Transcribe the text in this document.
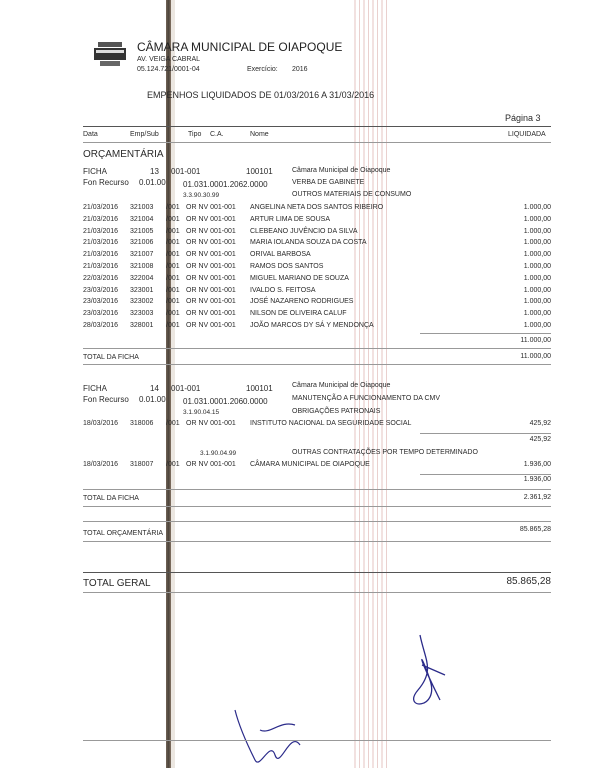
CÂMARA MUNICIPAL DE OIAPOQUE
AV. VEIGA CABRAL
05.124.721/0001-04	Exercício: 2016
EMPENHOS LIQUIDADOS DE 01/03/2016 A 31/03/2016
Página 3
Data	Emp/Sub	Tipo C.A.	Nome	LIQUIDADA
ORÇAMENTÁRIA
FICHA	13 001-001	100101	Câmara Municipal de Oiapoque
Fon Recurso 0.01.00 01.031.0001.2062.0000	VERBA DE GABINETE
3.3.90.30.99	OUTROS MATERIAIS DE CONSUMO
21/03/2016 321003 /001 OR NV 001-001 ANGELINA NETA DOS SANTOS RIBEIRO	1.000,00
21/03/2016 321004 /001 OR NV 001-001 ARTUR LIMA DE SOUSA	1.000,00
21/03/2016 321005 /001 OR NV 001-001 CLEBEANO JUVÊNCIO DA SILVA	1.000,00
21/03/2016 321006 /001 OR NV 001-001 MARIA IOLANDA SOUZA DA COSTA	1.000,00
21/03/2016 321007 /001 OR NV 001-001 ORIVAL BARBOSA	1.000,00
21/03/2016 321008 /001 OR NV 001-001 RAMOS DOS SANTOS	1.000,00
22/03/2016 322004 /001 OR NV 001-001 MIGUEL MARIANO DE SOUZA	1.000,00
23/03/2016 323001 /001 OR NV 001-001 IVALDO S. FEITOSA	1.000,00
23/03/2016 323002 /001 OR NV 001-001 JOSÉ NAZARENO RODRIGUES	1.000,00
23/03/2016 323003 /001 OR NV 001-001 NILSON DE OLIVEIRA CALUF	1.000,00
28/03/2016 328001 /001 OR NV 001-001 JOÃO MARCOS DY SÁ Y MENDONÇA	1.000,00
11.000,00
TOTAL DA FICHA	11.000,00
FICHA	14 001-001	100101	Câmara Municipal de Oiapoque
Fon Recurso 0.01.00 01.031.0001.2060.0000	MANUTENÇÃO A FUNCIONAMENTO DA CMV
3.1.90.04.15	OBRIGAÇÕES PATRONAIS
18/03/2016 318006 /001 OR NV 001-001 INSTITUTO NACIONAL DA SEGURIDADE SOCIAL	425,92
425,92
3.1.90.04.99	OUTRAS CONTRATAÇÕES POR TEMPO DETERMINADO
18/03/2016 318007 /001 OR NV 001-001 CÂMARA MUNICIPAL DE OIAPOQUE	1.936,00
1.936,00
TOTAL DA FICHA	2.361,92
TOTAL ORÇAMENTÁRIA
85.865,28
TOTAL GERAL	85.865,28
